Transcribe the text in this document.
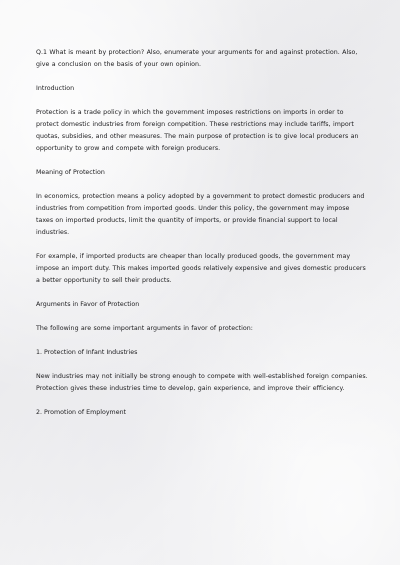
Q.1 What is meant by protection? Also, enumerate your arguments for and against protection. Also, give a conclusion on the basis of your own opinion.

Introduction

Protection is a trade policy in which the government imposes restrictions on imports in order to protect domestic industries from foreign competition. These restrictions may include tariffs, import quotas, subsidies, and other measures. The main purpose of protection is to give local producers an opportunity to grow and compete with foreign producers.

Meaning of Protection

In economics, protection means a policy adopted by a government to protect domestic producers and industries from competition from imported goods. Under this policy, the government may impose taxes on imported products, limit the quantity of imports, or provide financial support to local industries.

For example, if imported products are cheaper than locally produced goods, the government may impose an import duty. This makes imported goods relatively expensive and gives domestic producers a better opportunity to sell their products.

Arguments in Favor of Protection

The following are some important arguments in favor of protection:

1. Protection of Infant Industries

New industries may not initially be strong enough to compete with well-established foreign companies. Protection gives these industries time to develop, gain experience, and improve their efficiency.

2. Promotion of Employment
